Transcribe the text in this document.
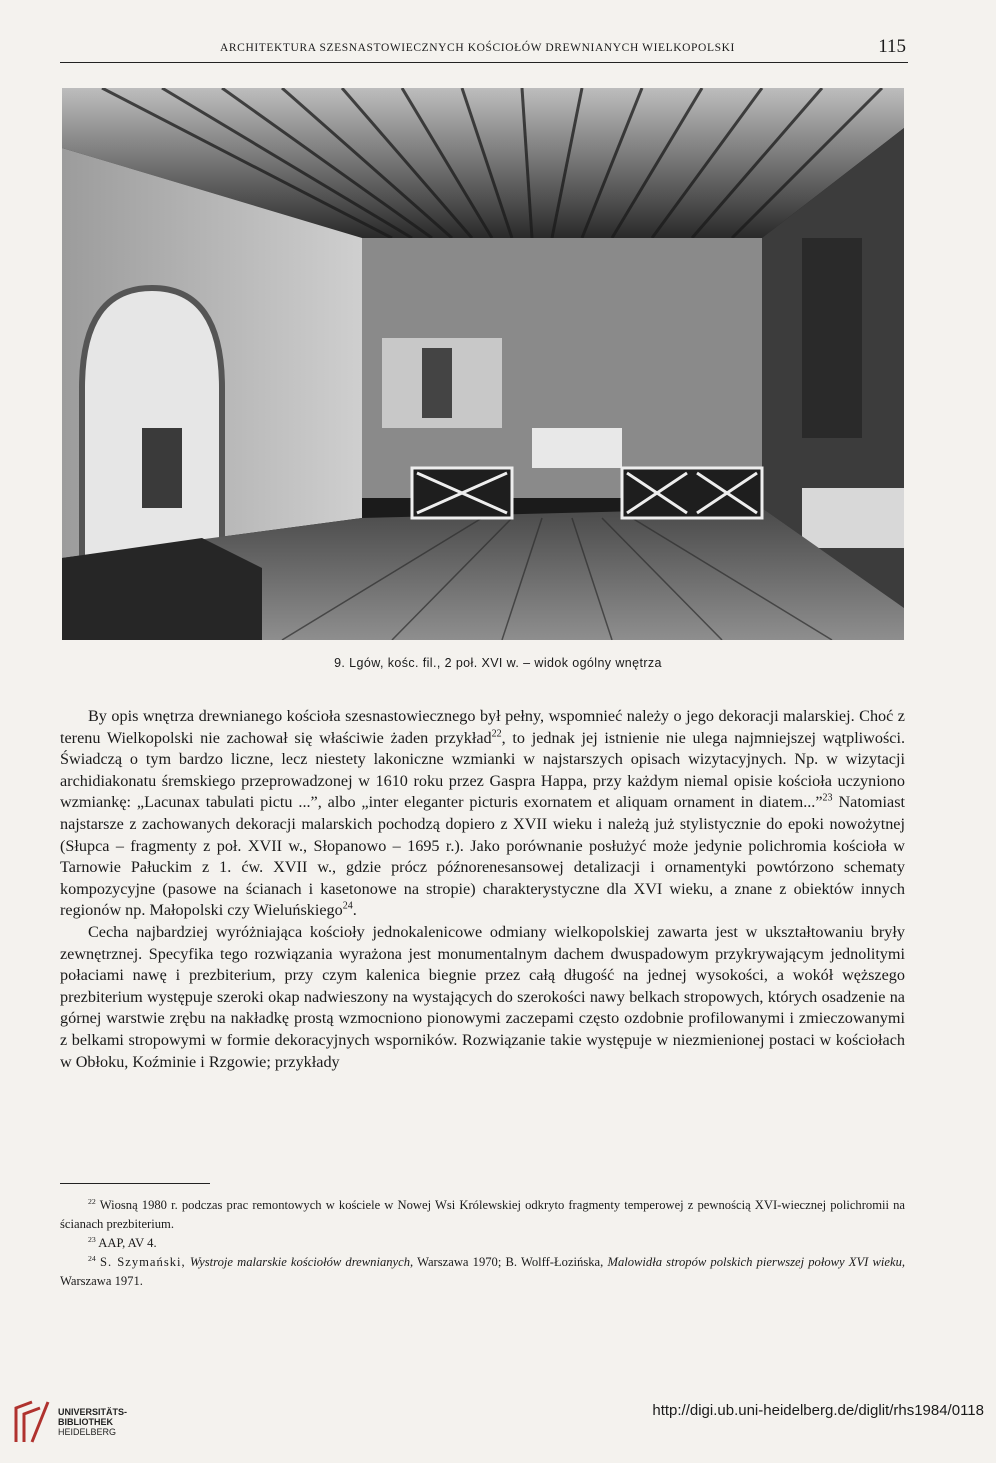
ARCHITEKTURA SZESNASTOWIECZNYCH KOŚCIOŁÓW DREWNIANYCH WIELKOPOLSKI	115
9. Lgów, kośc. fil., 2 poł. XVI w. – widok ogólny wnętrza

By opis wnętrza drewnianego kościoła szesnastowiecznego był pełny, wspomnieć należy o jego dekoracji malarskiej. Choć z terenu Wielkopolski nie zachował się właściwie żaden przykład$^{22}$, to jednak jej istnienie nie ulega najmniejszej wątpliwości. Świadczą o tym bardzo liczne, lecz niestety lakoniczne wzmianki w najstarszych opisach wizytacyjnych. Np. w wizytacji archidiakonatu śremskiego przeprowadzonej w 1610 roku przez Gaspra Happa, przy każdym niemal opisie kościoła uczyniono wzmiankę: „Lacunax tabulati pictu ...”, albo „inter eleganter picturis exornatem et aliquam ornament in diatem...”$^{23}$ Natomiast najstarsze z zachowanych dekoracji malarskich pochodzą dopiero z XVII wieku i należą już stylistycznie do epoki nowożytnej (Słupca – fragmenty z poł. XVII w., Słopanowo – 1695 r.). Jako porównanie posłużyć może jedynie polichromia kościoła w Tarnowie Pałuckim z 1. ćw. XVII w., gdzie prócz późnorenesansowej detalizacji i ornamentyki powtórzono schematy kompozycyjne (pasowe na ścianach i kasetonowe na stropie) charakterystyczne dla XVI wieku, a znane z obiektów innych regionów np. Małopolski czy Wieluńskiego$^{24}$.

Cecha najbardziej wyróżniająca kościoły jednokalenicowe odmiany wielkopolskiej zawarta jest w ukształtowaniu bryły zewnętrznej. Specyfika tego rozwiązania wyrażona jest monumentalnym dachem dwuspadowym przykrywającym jednolitymi połaciami nawę i prezbiterium, przy czym kalenica biegnie przez całą długość na jednej wysokości, a wokół węższego prezbiterium występuje szeroki okap nadwieszony na wystających do szerokości nawy belkach stropowych, których osadzenie na górnej warstwie zrębu na nakładkę prostą wzmocniono pionowymi zaczepami często ozdobnie profilowanymi i zmieczowanymi z belkami stropowymi w formie dekoracyjnych wsporników. Rozwiązanie takie występuje w niezmienionej postaci w kościołach w Obłoku, Koźminie i Rzgowie; przykłady

$^{22}$ Wiosną 1980 r. podczas prac remontowych w kościele w Nowej Wsi Królewskiej odkryto fragmenty temperowej z pewnością XVI-wiecznej polichromii na ścianach prezbiterium.

$^{23}$ AAP, AV 4.

$^{24}$ S. Szymański, Wystroje malarskie kościołów drewnianych, Warszawa 1970; B. Wolff-Łozińska, Malowidła stropów polskich pierwszej połowy XVI wieku, Warszawa 1971.

UNIVERSITÄTS-
BIBLIOTHEK
HEIDELBERG
http://digi.ub.uni-heidelberg.de/diglit/rhs1984/0118
